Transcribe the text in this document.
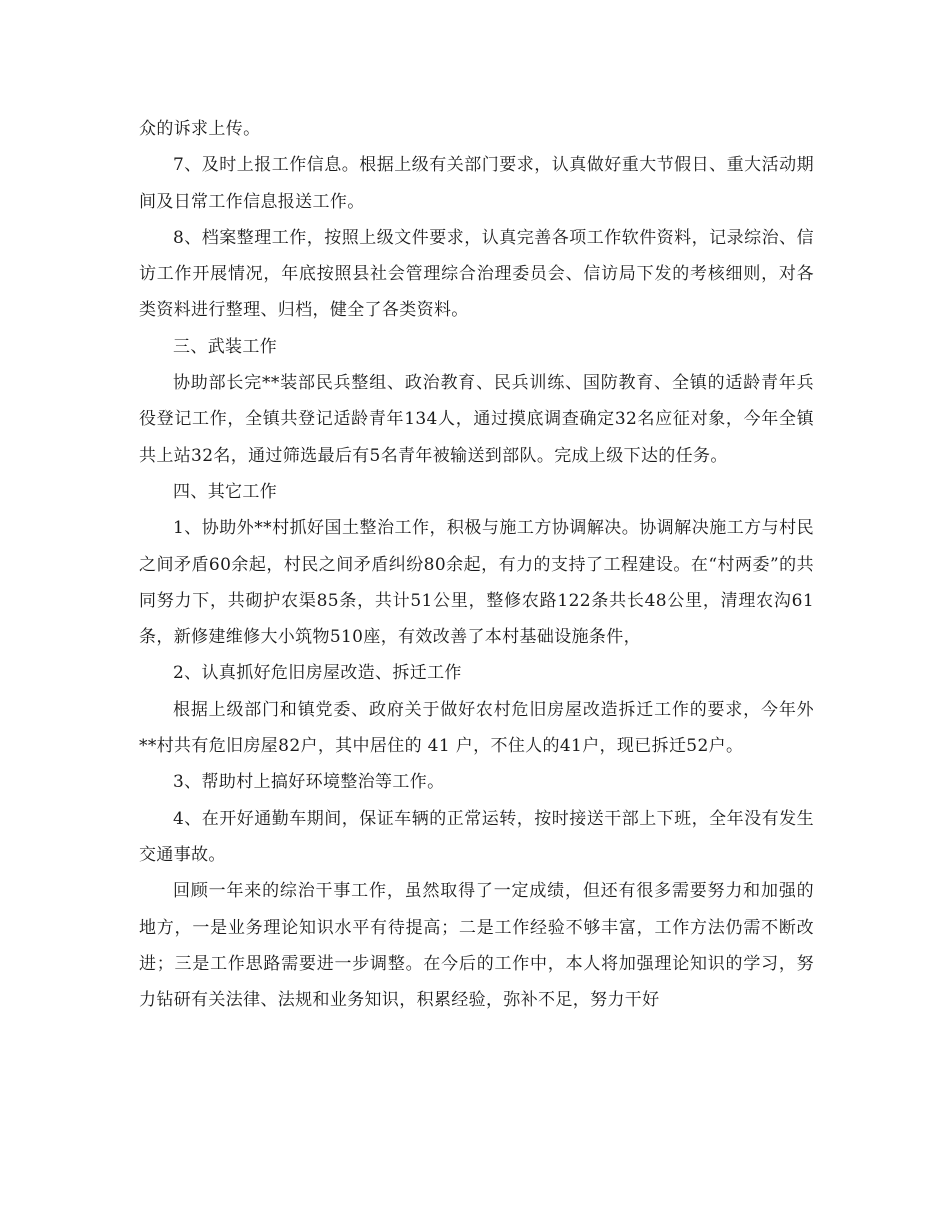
众的诉求上传。

7、及时上报工作信息。根据上级有关部门要求，认真做好重大节假日、重大活动期间及日常工作信息报送工作。

8、档案整理工作，按照上级文件要求，认真完善各项工作软件资料，记录综治、信访工作开展情况，年底按照县社会管理综合治理委员会、信访局下发的考核细则，对各类资料进行整理、归档，健全了各类资料。

三、武装工作

协助部长完**装部民兵整组、政治教育、民兵训练、国防教育、全镇的适龄青年兵役登记工作，全镇共登记适龄青年134人，通过摸底调查确定32名应征对象，今年全镇共上站32名，通过筛选最后有5名青年被输送到部队。完成上级下达的任务。

四、其它工作

1、协助外**村抓好国土整治工作，积极与施工方协调解决。协调解决施工方与村民之间矛盾60余起，村民之间矛盾纠纷80余起，有力的支持了工程建设。在“村两委”的共同努力下，共砌护农渠85条，共计51公里，整修农路122条共长48公里，清理农沟61条，新修建维修大小筑物510座，有效改善了本村基础设施条件，

2、认真抓好危旧房屋改造、拆迁工作

根据上级部门和镇党委、政府关于做好农村危旧房屋改造拆迁工作的要求，今年外**村共有危旧房屋82户，其中居住的 41 户，不住人的41户，现已拆迁52户。

3、帮助村上搞好环境整治等工作。

4、在开好通勤车期间，保证车辆的正常运转，按时接送干部上下班，全年没有发生交通事故。

回顾一年来的综治干事工作，虽然取得了一定成绩，但还有很多需要努力和加强的地方，一是业务理论知识水平有待提高；二是工作经验不够丰富，工作方法仍需不断改进；三是工作思路需要进一步调整。在今后的工作中，本人将加强理论知识的学习，努力钻研有关法律、法规和业务知识，积累经验，弥补不足，努力干好
